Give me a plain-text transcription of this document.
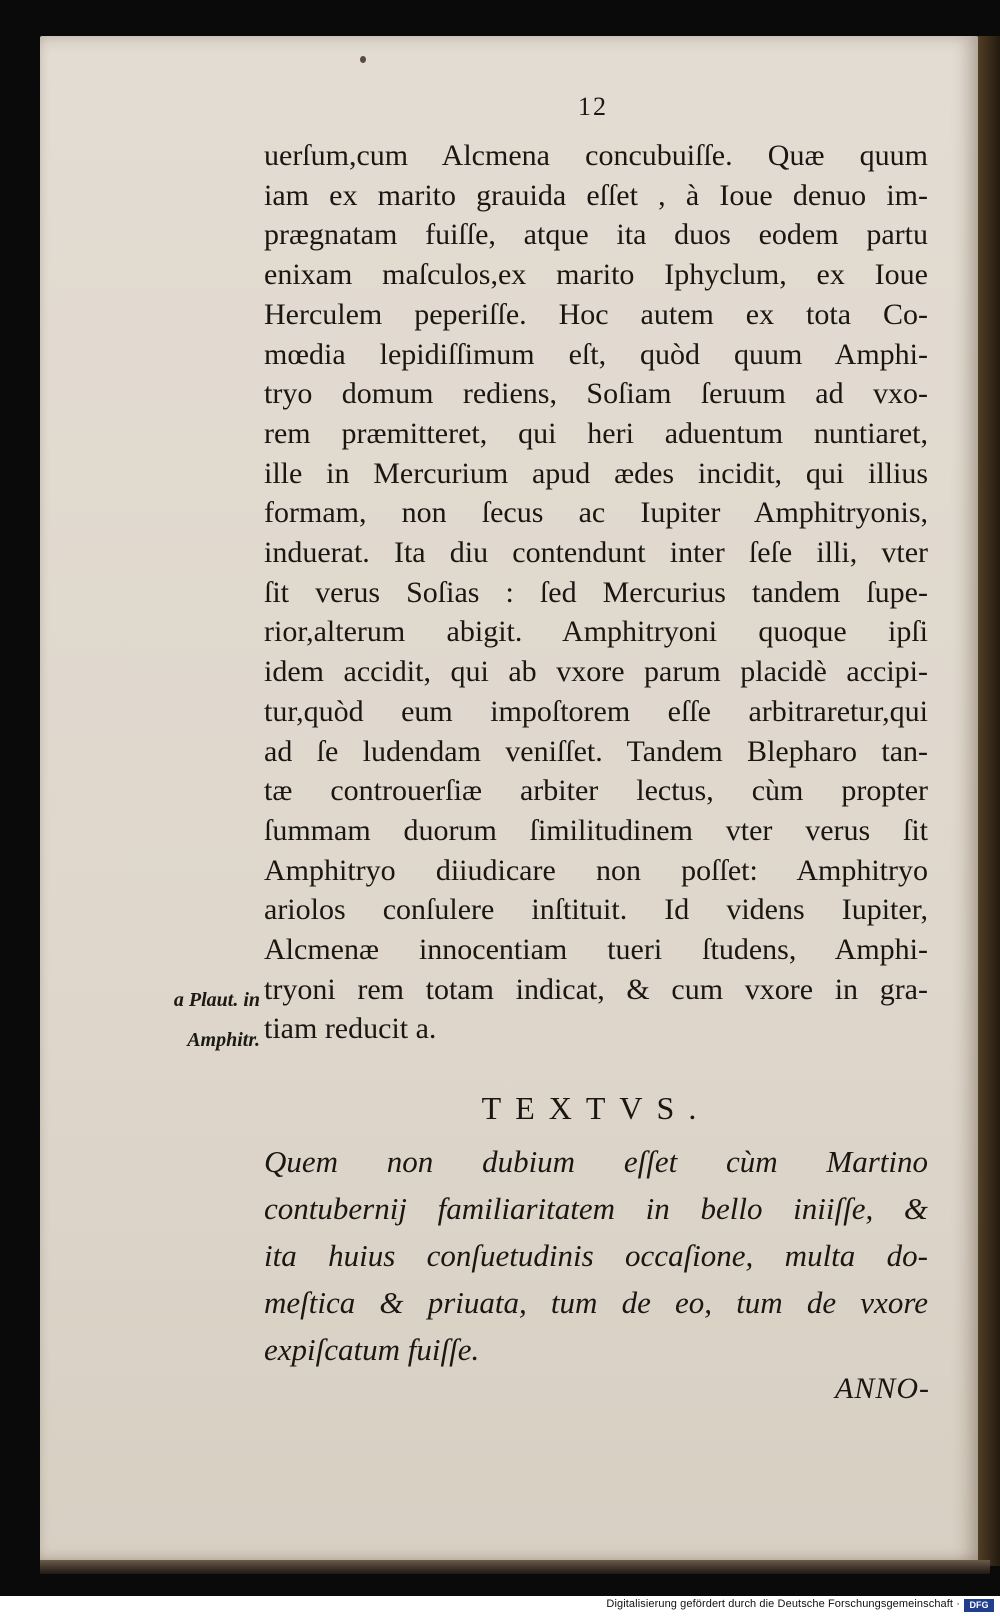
12
uerſum,cum Alcmena concubuiſſe. Quæ quum
iam ex marito grauida eſſet , à Ioue denuo im-
prægnatam fuiſſe, atque ita duos eodem partu
enixam maſculos,ex marito Iphyclum, ex Ioue
Herculem peperiſſe. Hoc autem ex tota Co-
mœdia lepidiſſimum eſt, quòd quum Amphi-
tryo domum rediens, Soſiam ſeruum ad vxo-
rem præmitteret, qui heri aduentum nuntiaret,
ille in Mercurium apud ædes incidit, qui illius
formam, non ſecus ac Iupiter Amphitryonis,
induerat. Ita diu contendunt inter ſeſe illi, vter
ſit verus Soſias : ſed Mercurius tandem ſupe-
rior,alterum abigit. Amphitryoni quoque ipſi
idem accidit, qui ab vxore parum placidè accipi-
tur,quòd eum impoſtorem eſſe arbitraretur,qui
ad ſe ludendam veniſſet. Tandem Blepharo tan-
tæ controuerſiæ arbiter lectus, cùm propter
ſummam duorum ſimilitudinem vter verus ſit
Amphitryo diiudicare non poſſet: Amphitryo
ariolos conſulere inſtituit. Id videns Iupiter,
Alcmenæ innocentiam tueri ſtudens, Amphi-
tryoni rem totam indicat, & cum vxore in gra-
tiam reducit a.
a Plaut. in
Amphitr.
TEXTVS.
Quem non dubium eſſet cùm Martino
contubernij familiaritatem in bello iniiſſe, &
ita huius conſuetudinis occaſione, multa do-
meſtica & priuata, tum de eo, tum de vxore
expiſcatum fuiſſe.
ANNO-
Digitalisierung gefördert durch die Deutsche Forschungsgemeinschaft ·	DFG
